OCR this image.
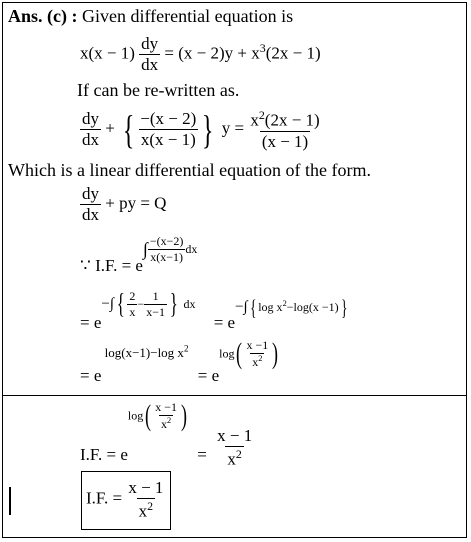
Ans. (c) : Given differential equation is
$x(x - 1) \frac{dy}{dx} = (x - 2)y + x^3(2x - 1)$
If can be re-written as.
$\frac{dy}{dx}$ + { $\frac{-(x - 2)}{x(x - 1)}$ } $y = \frac{x^2(2x - 1)}{(x - 1)}$
Which is a linear differential equation of the form.
$\frac{dy}{dx}$ + py = Q
∵ I.F. = $e\int \frac{-(x-2)}{x(x-1)}$ dx
= $e-\int\{ \frac{2}{x} - \frac{1}{x-1}$ } dx = e−∫{ $\log x^2-\log(x -1)$}
= e $^{log(x-1)-log x^2} = elog( \frac{x -1}{x^2}$ )
I.F. = $elog( \frac{x -1}{x^2}$ ) = $\frac{x - 1}{x^2}$
I.F. = $\frac{x - 1}{x^2}$
